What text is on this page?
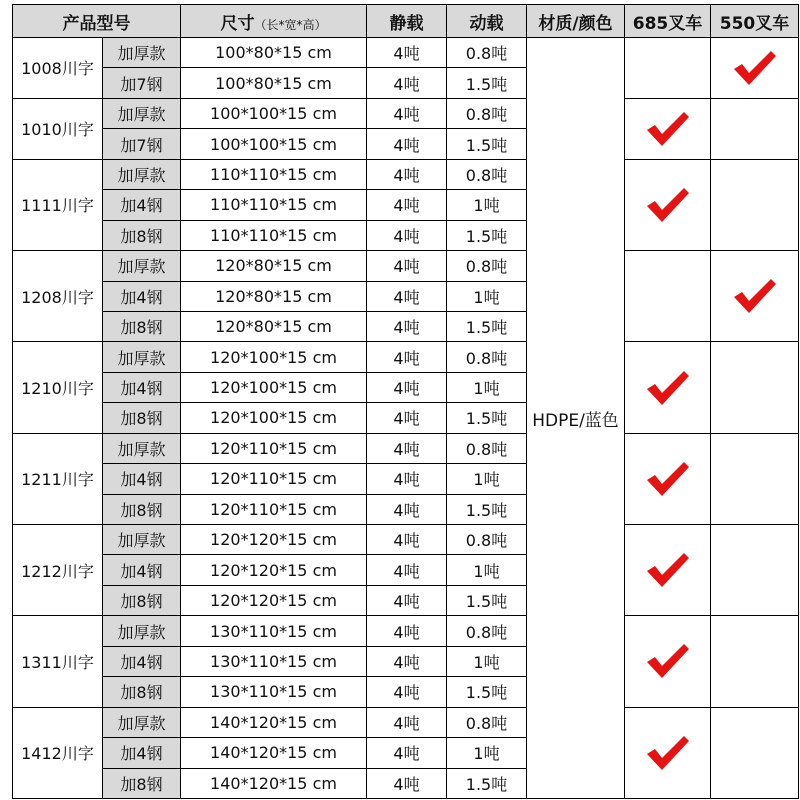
产品型号		尺寸（长*宽*高）	静载	动载	材质/颜色	685叉车	550叉车
1008川字	加厚款	100*80*15 cm	4吨	0.8吨	HDPE/蓝色		
	加7钢	100*80*15 cm	4吨	1.5吨			
1010川字	加厚款	100*100*15 cm	4吨	0.8吨		
	加7钢	100*100*15 cm	4吨	1.5吨			
1111川字	加厚款	110*110*15 cm	4吨	0.8吨		
	加4钢	110*110*15 cm	4吨	1吨			
	加8钢	110*110*15 cm	4吨	1.5吨			
1208川字	加厚款	120*80*15 cm	4吨	0.8吨		
	加4钢	120*80*15 cm	4吨	1吨			
	加8钢	120*80*15 cm	4吨	1.5吨			
1210川字	加厚款	120*100*15 cm	4吨	0.8吨		
	加4钢	120*100*15 cm	4吨	1吨			
	加8钢	120*100*15 cm	4吨	1.5吨			
1211川字	加厚款	120*110*15 cm	4吨	0.8吨		
	加4钢	120*110*15 cm	4吨	1吨			
	加8钢	120*110*15 cm	4吨	1.5吨			
1212川字	加厚款	120*120*15 cm	4吨	0.8吨		
	加4钢	120*120*15 cm	4吨	1吨			
	加8钢	120*120*15 cm	4吨	1.5吨			
1311川字	加厚款	130*110*15 cm	4吨	0.8吨		
	加4钢	130*110*15 cm	4吨	1吨			
	加8钢	130*110*15 cm	4吨	1.5吨			
1412川字	加厚款	140*120*15 cm	4吨	0.8吨		
	加4钢	140*120*15 cm	4吨	1吨			
	加8钢	140*120*15 cm	4吨	1.5吨			
